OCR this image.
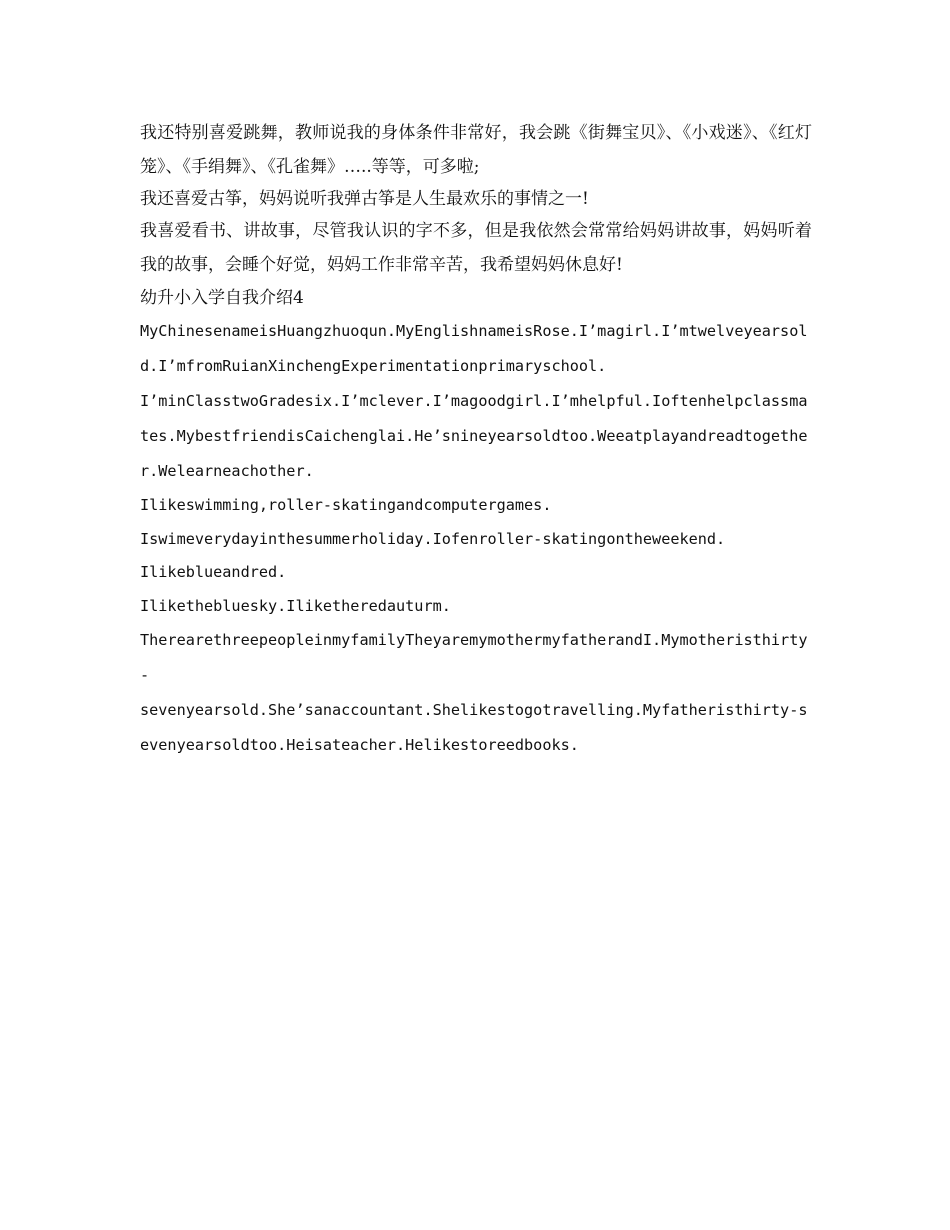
我还特别喜爱跳舞，教师说我的身体条件非常好，我会跳《街舞宝贝》、《小戏迷》、《红灯笼》、《手绢舞》、《孔雀舞》…..等等，可多啦;

我还喜爱古筝，妈妈说听我弹古筝是人生最欢乐的事情之一!

我喜爱看书、讲故事，尽管我认识的字不多，但是我依然会常常给妈妈讲故事，妈妈听着我的故事，会睡个好觉，妈妈工作非常辛苦，我希望妈妈休息好!

幼升小入学自我介绍4

MyChinesenameisHuangzhuoqun.MyEnglishnameisRose.I’magirl.I’mtwelveyearsold.I’mfromRuianXinchengExperimentationprimaryschool.

I’minClasstwoGradesix.I’mclever.I’magoodgirl.I’mhelpful.Ioftenhelpclassmates.MybestfriendisCaichenglai.He’snineyearsoldtoo.Weeatplayandreadtogether.Welearneachother.

Ilikeswimming,roller-skatingandcomputergames.

Iswimeverydayinthesummerholiday.Iofenroller-skatingontheweekend.

Ilikeblueandred.

Ilikethebluesky.Iliketheredauturm.

TherearethreepeopleinmyfamilyTheyaremymothermyfatherandI.Mymotheristhirty-

sevenyearsold.She’sanaccountant.Shelikestogotravelling.Myfatheristhirty-sevenyearsoldtoo.Heisateacher.Helikestoreedbooks.
